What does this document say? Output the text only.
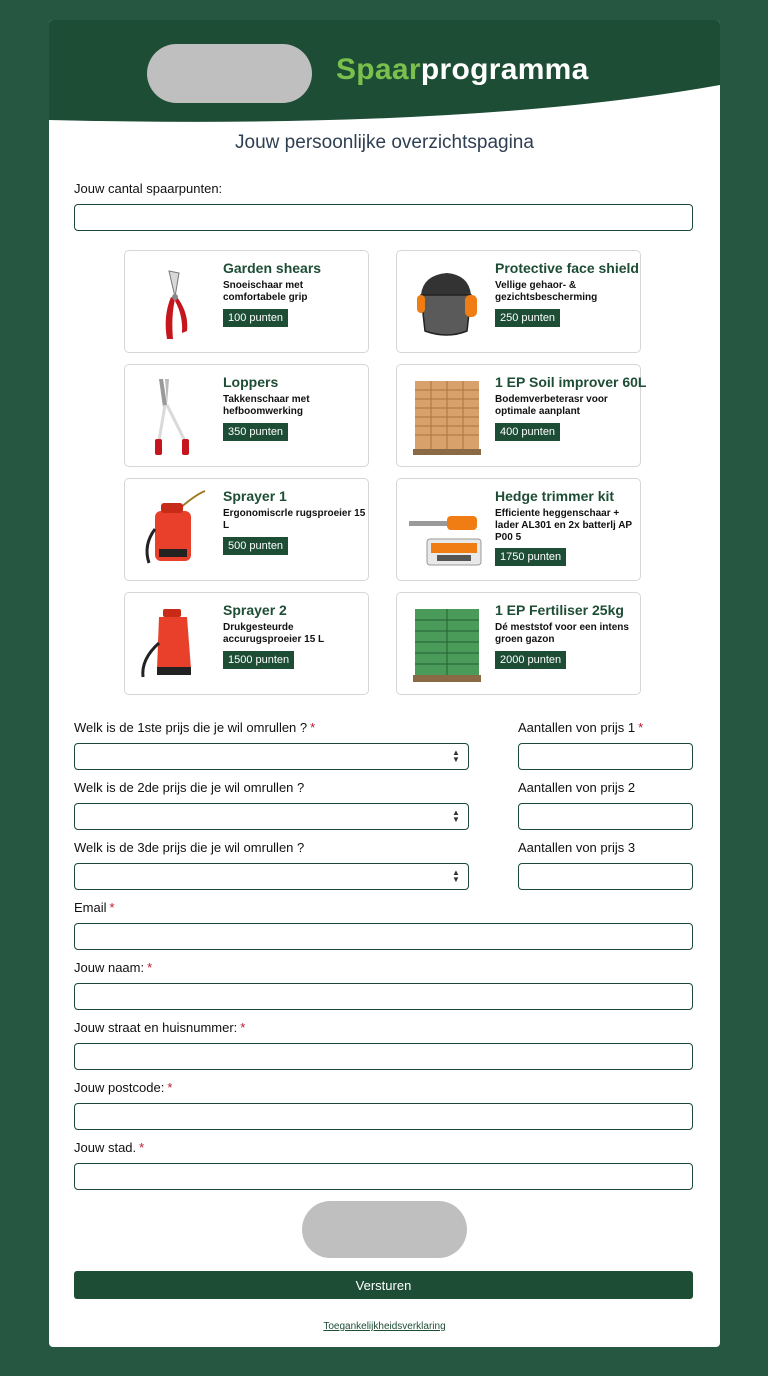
Spaarprogramma
Jouw persoonlijke overzichtspagina
Jouw cantal spaarpunten:
Garden shears
Snoeischaar met comfortabele grip
100 punten
Protective face shield
Vellige gehaor- & gezichtsbescherming
250 punten
Loppers
Takkenschaar met hefboomwerking
350 punten
1 EP Soil improver 60L
Bodemverbeterasr voor optimale aanplant
400 punten
Sprayer 1
Ergonomiscrle rugsproeier 15 L
500 punten
Hedge trimmer kit
Efficiente heggenschaar + lader AL301 en 2x batterlj AP P00 5
1750 punten
Sprayer 2
Drukgesteurde accurugsproeier 15 L
1500 punten
1 EP Fertiliser 25kg
Dé meststof voor een intens groen gazon
2000 punten
Welk is de 1ste prijs die je wil omrullen ? *
▲
▼
Aantallen von prijs 1 *
Welk is de 2de prijs die je wil omrullen ?
▲
▼
Aantallen von prijs 2
Welk is de 3de prijs die je wil omrullen ?
▲
▼
Aantallen von prijs 3
Email *
Jouw naam: *
Jouw straat en huisnummer: *
Jouw postcode: *
Jouw stad. *
Versturen
Toegankelijkheidsverklaring
